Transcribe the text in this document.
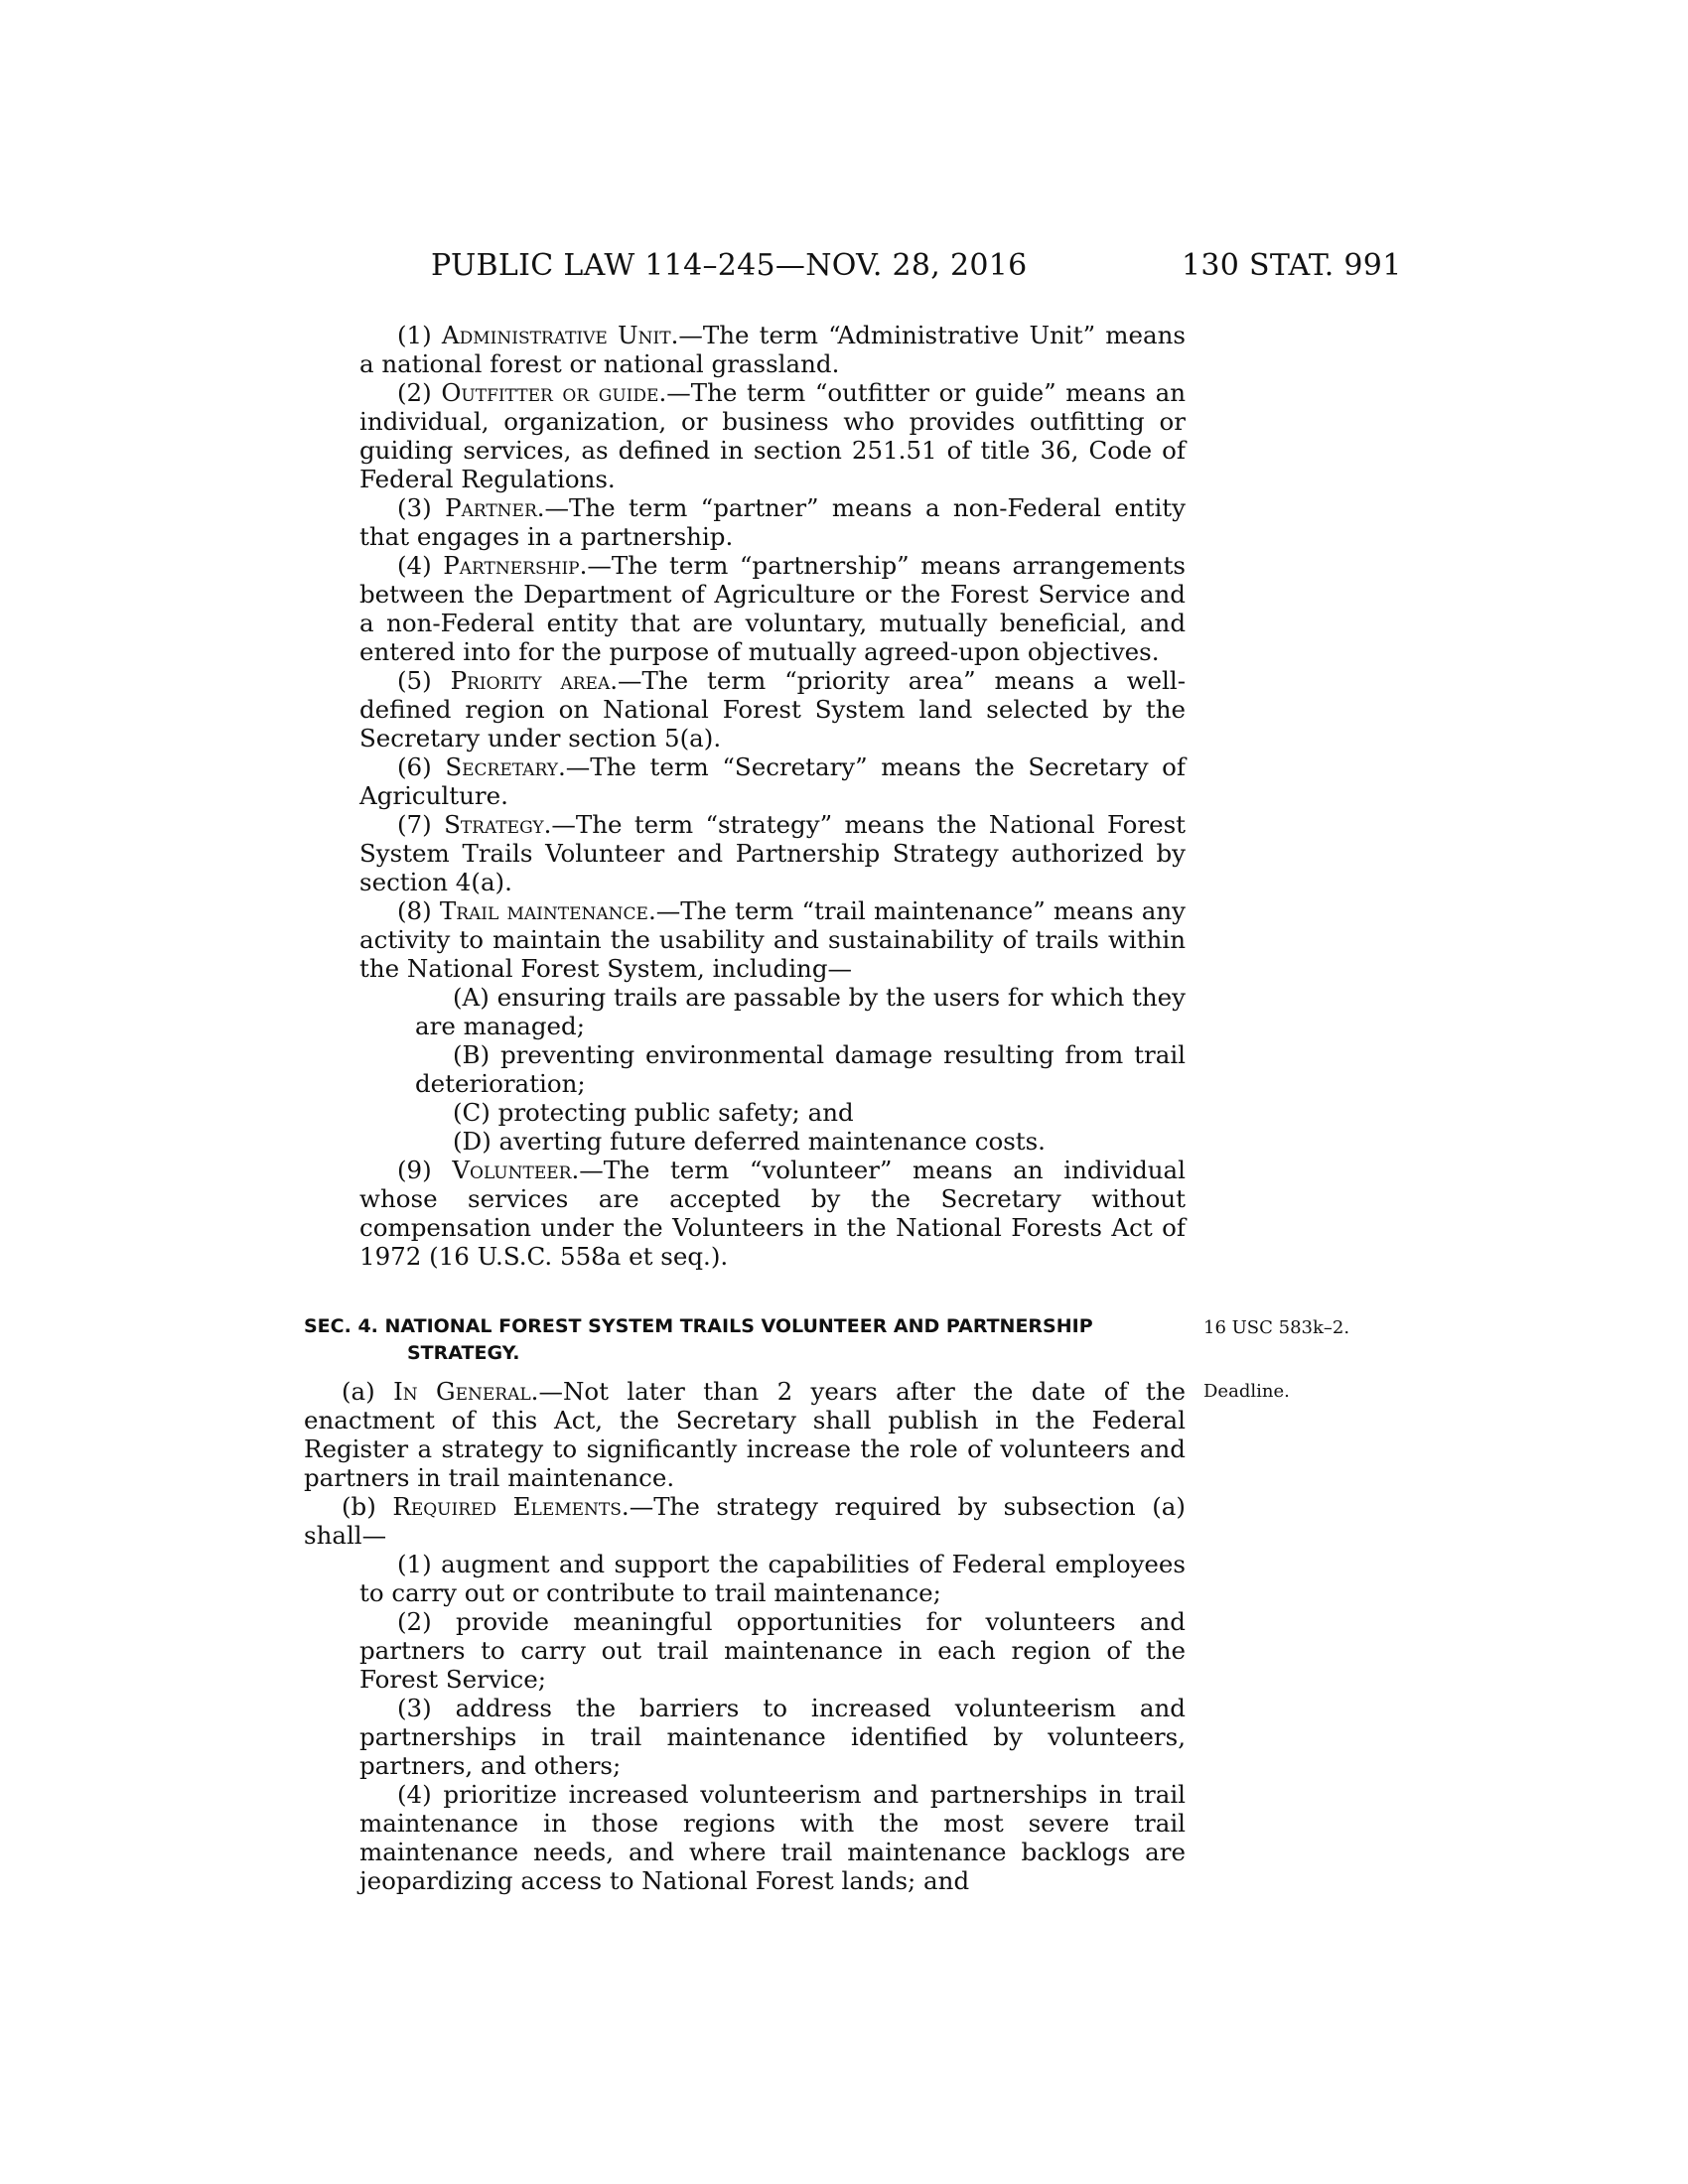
PUBLIC LAW 114–245—NOV. 28, 2016	130 STAT. 991

(1) Administrative Unit.—The term “Administrative Unit” means a national forest or national grassland.

(2) Outfitter or guide.—The term “outfitter or guide” means an individual, organization, or business who provides outfitting or guiding services, as defined in section 251.51 of title 36, Code of Federal Regulations.

(3) Partner.—The term “partner” means a non-Federal entity that engages in a partnership.

(4) Partnership.—The term “partnership” means arrangements between the Department of Agriculture or the Forest Service and a non-Federal entity that are voluntary, mutually beneficial, and entered into for the purpose of mutually agreed-upon objectives.

(5) Priority area.—The term “priority area” means a well-defined region on National Forest System land selected by the Secretary under section 5(a).

(6) Secretary.—The term “Secretary” means the Secretary of Agriculture.

(7) Strategy.—The term “strategy” means the National Forest System Trails Volunteer and Partnership Strategy authorized by section 4(a).

(8) Trail maintenance.—The term “trail maintenance” means any activity to maintain the usability and sustainability of trails within the National Forest System, including—

(A) ensuring trails are passable by the users for which they are managed;

(B) preventing environmental damage resulting from trail deterioration;

(C) protecting public safety; and

(D) averting future deferred maintenance costs.

(9) Volunteer.—The term “volunteer” means an individual whose services are accepted by the Secretary without compensation under the Volunteers in the National Forests Act of 1972 (16 U.S.C. 558a et seq.).

SEC. 4. NATIONAL FOREST SYSTEM TRAILS VOLUNTEER AND PARTNERSHIP STRATEGY.
16 USC 583k–2.

(a) In General.—Not later than 2 years after the date of the enactment of this Act, the Secretary shall publish in the Federal Register a strategy to significantly increase the role of volunteers and partners in trail maintenance.

(b) Required Elements.—The strategy required by subsection (a) shall—

(1) augment and support the capabilities of Federal employees to carry out or contribute to trail maintenance;

(2) provide meaningful opportunities for volunteers and partners to carry out trail maintenance in each region of the Forest Service;

(3) address the barriers to increased volunteerism and partnerships in trail maintenance identified by volunteers, partners, and others;

(4) prioritize increased volunteerism and partnerships in trail maintenance in those regions with the most severe trail maintenance needs, and where trail maintenance backlogs are jeopardizing access to National Forest lands; and

Deadline.
